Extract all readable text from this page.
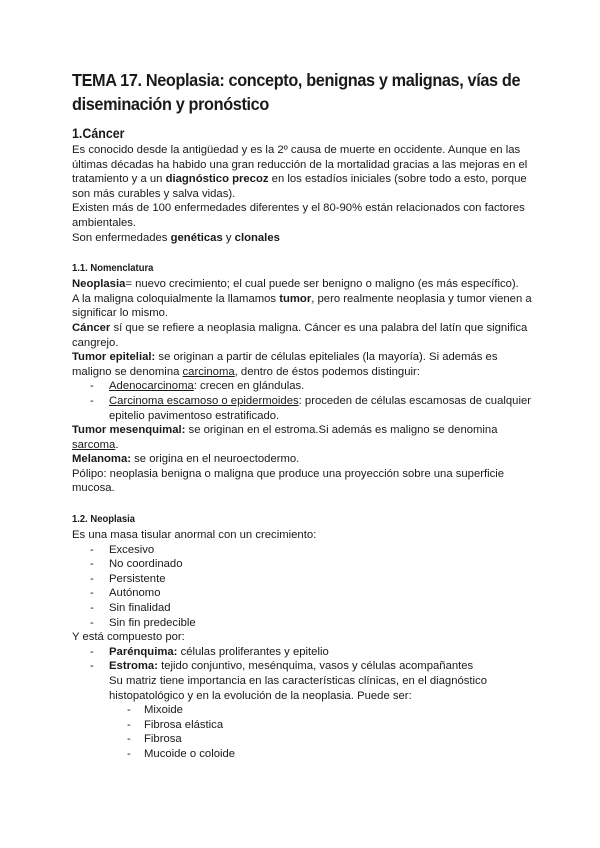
TEMA 17. Neoplasia: concepto, benignas y malignas, vías de diseminación y pronóstico
1.Cáncer

Es conocido desde la antigüedad y es la 2º causa de muerte en occidente. Aunque en las últimas décadas ha habido una gran reducción de la mortalidad gracias a las mejoras en el tratamiento y a un diagnóstico precoz en los estadíos iniciales (sobre todo a esto, porque son más curables y salva vidas).

Existen más de 100 enfermedades diferentes y el 80-90% están relacionados con factores ambientales.

Son enfermedades genéticas y clonales

1.1. Nomenclatura

Neoplasia= nuevo crecimiento; el cual puede ser benigno o maligno (es más específico).

A la maligna coloquialmente la llamamos tumor, pero realmente neoplasia y tumor vienen a significar lo mismo.

Cáncer sí que se refiere a neoplasia maligna. Cáncer es una palabra del latín que significa cangrejo.

Tumor epitelial: se originan a partir de células epiteliales (la mayoría). Si además es maligno se denomina carcinoma, dentro de éstos podemos distinguir:

- Adenocarcinoma: crecen en glándulas.
- Carcinoma escamoso o epidermoides: proceden de células escamosas de cualquier epitelio pavimentoso estratificado.

Tumor mesenquimal: se originan en el estroma.Si además es maligno se denomina sarcoma.

Melanoma: se origina en el neuroectodermo.

Pólipo: neoplasia benigna o maligna que produce una proyección sobre una superficie mucosa.

1.2. Neoplasia

Es una masa tisular anormal con un crecimiento:

- Excesivo
- No coordinado
- Persistente
- Autónomo
- Sin finalidad
- Sin fin predecible

Y está compuesto por:

- Parénquima: células proliferantes y epitelio
- Estroma: tejido conjuntivo, mesénquima, vasos y células acompañantes

Su matriz tiene importancia en las características clínicas, en el diagnóstico histopatológico y en la evolución de la neoplasia. Puede ser:

- Mixoide
- Fibrosa elástica
- Fibrosa
- Mucoide o coloide
